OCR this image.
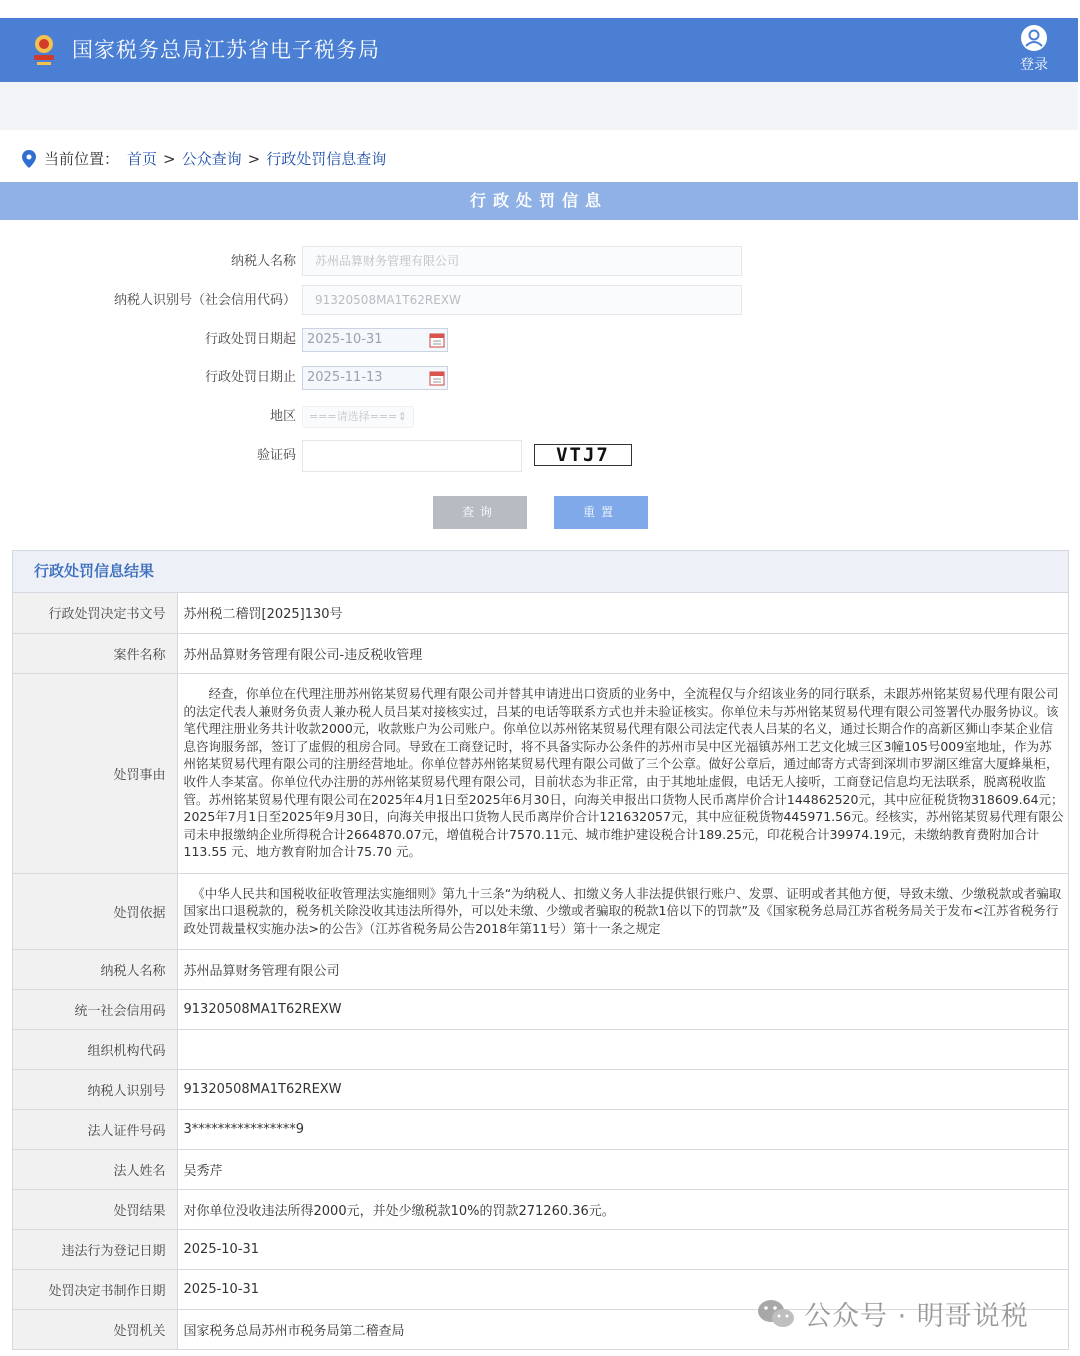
国家税务总局江苏省电子税务局
登录
当前位置： 首页 > 公众查询 > 行政处罚信息查询
行政处罚信息
纳税人名称	苏州品算财务管理有限公司
纳税人识别号（社会信用代码）	91320508MA1T62REXW
行政处罚日期起 2025-10-31
行政处罚日期止 2025-11-13
地区	===请选择=== ⇕
验证码	VTJ7
查询	重置
行政处罚信息结果
行政处罚决定书文号	苏州税二稽罚[2025]130号
案件名称	苏州品算财务管理有限公司-违反税收管理
处罚事由	经查，你单位在代理注册苏州铭某贸易代理有限公司并替其申请进出口资质的业务中，全流程仅与介绍该业务的同行联系，未跟苏州铭某贸易代理有限公司的法定代表人兼财务负责人兼办税人员吕某对接核实过，吕某的电话等联系方式也并未验证核实。你单位未与苏州铭某贸易代理有限公司签署代办服务协议。该笔代理注册业务共计收款2000元，收款账户为公司账户。你单位以苏州铭某贸易代理有限公司法定代表人吕某的名义，通过长期合作的高新区狮山李某企业信息咨询服务部，签订了虚假的租房合同。导致在工商登记时，将不具备实际办公条件的苏州市吴中区光福镇苏州工艺文化城三区3幢105号009室地址，作为苏州铭某贸易代理有限公司的注册经营地址。你单位替苏州铭某贸易代理有限公司做了三个公章。做好公章后，通过邮寄方式寄到深圳市罗湖区维富大厦蜂巢柜，收件人李某富。你单位代办注册的苏州铭某贸易代理有限公司，目前状态为非正常，由于其地址虚假，电话无人接听，工商登记信息均无法联系，脱离税收监管。苏州铭某贸易代理有限公司在2025年4月1日至2025年6月30日，向海关申报出口货物人民币离岸价合计144862520元，其中应征税货物318609.64元；2025年7月1日至2025年9月30日，向海关申报出口货物人民币离岸价合计121632057元，其中应征税货物445971.56元。经核实，苏州铭某贸易代理有限公司未申报缴纳企业所得税合计2664870.07元，增值税合计7570.11元、城市维护建设税合计189.25元，印花税合计39974.19元，未缴纳教育费附加合计113.55 元、地方教育附加合计75.70 元。
处罚依据	《中华人民共和国税收征收管理法实施细则》第九十三条“为纳税人、扣缴义务人非法提供银行账户、发票、证明或者其他方便，导致未缴、少缴税款或者骗取国家出口退税款的，税务机关除没收其违法所得外，可以处未缴、少缴或者骗取的税款1倍以下的罚款”及《国家税务总局江苏省税务局关于发布<江苏省税务行政处罚裁量权实施办法>的公告》（江苏省税务局公告2018年第11号）第十一条之规定
纳税人名称	苏州品算财务管理有限公司
统一社会信用码	91320508MA1T62REXW
组织机构代码	
纳税人识别号	91320508MA1T62REXW
法人证件号码	3****************9
法人姓名	吴秀芹
处罚结果	对你单位没收违法所得2000元，并处少缴税款10%的罚款271260.36元。
违法行为登记日期	2025-10-31
处罚决定书制作日期	2025-10-31
处罚机关	国家税务总局苏州市税务局第二稽查局	公众号 · 明哥说税
